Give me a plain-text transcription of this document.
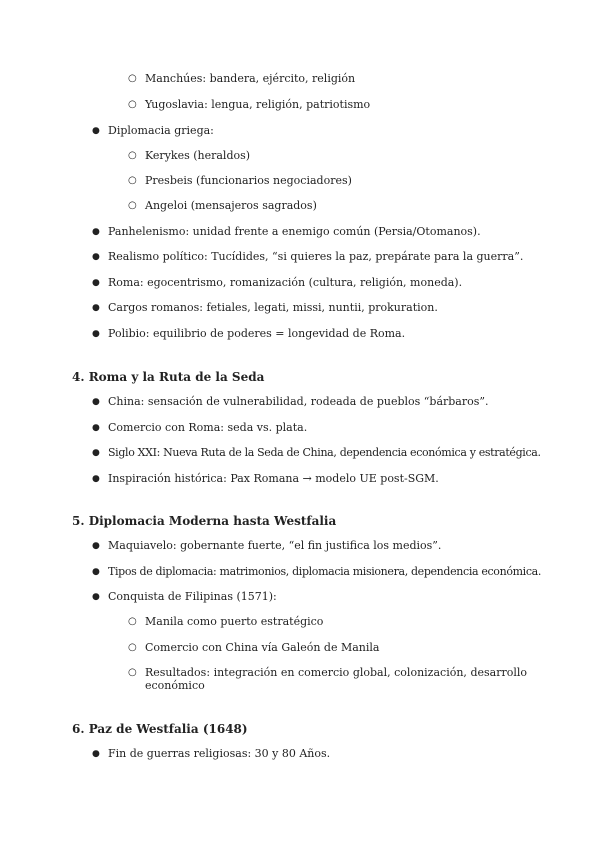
○ Manchúes: bandera, ejército, religión
○ Yugoslavia: lengua, religión, patriotismo
● Diplomacia griega:
○ Kerykes (heraldos)
○ Presbeis (funcionarios negociadores)
○ Angeloi (mensajeros sagrados)
● Panhelenismo: unidad frente a enemigo común (Persia/Otomanos).
● Realismo político: Tucídides, “si quieres la paz, prepárate para la guerra”.
● Roma: egocentrismo, romanización (cultura, religión, moneda).
● Cargos romanos: fetiales, legati, missi, nuntii, prokuration.
● Polibio: equilibrio de poderes = longevidad de Roma.
4. Roma y la Ruta de la Seda
● China: sensación de vulnerabilidad, rodeada de pueblos “bárbaros”.
● Comercio con Roma: seda vs. plata.
● Siglo XXI: Nueva Ruta de la Seda de China, dependencia económica y estratégica.
● Inspiración histórica: Pax Romana → modelo UE post-SGM.
5. Diplomacia Moderna hasta Westfalia
● Maquiavelo: gobernante fuerte, “el fin justifica los medios”.
● Tipos de diplomacia: matrimonios, diplomacia misionera, dependencia económica.
● Conquista de Filipinas (1571):
○ Manila como puerto estratégico
○ Comercio con China vía Galeón de Manila
○ Resultados: integración en comercio global, colonización, desarrollo económico
6. Paz de Westfalia (1648)
● Fin de guerras religiosas: 30 y 80 Años.
